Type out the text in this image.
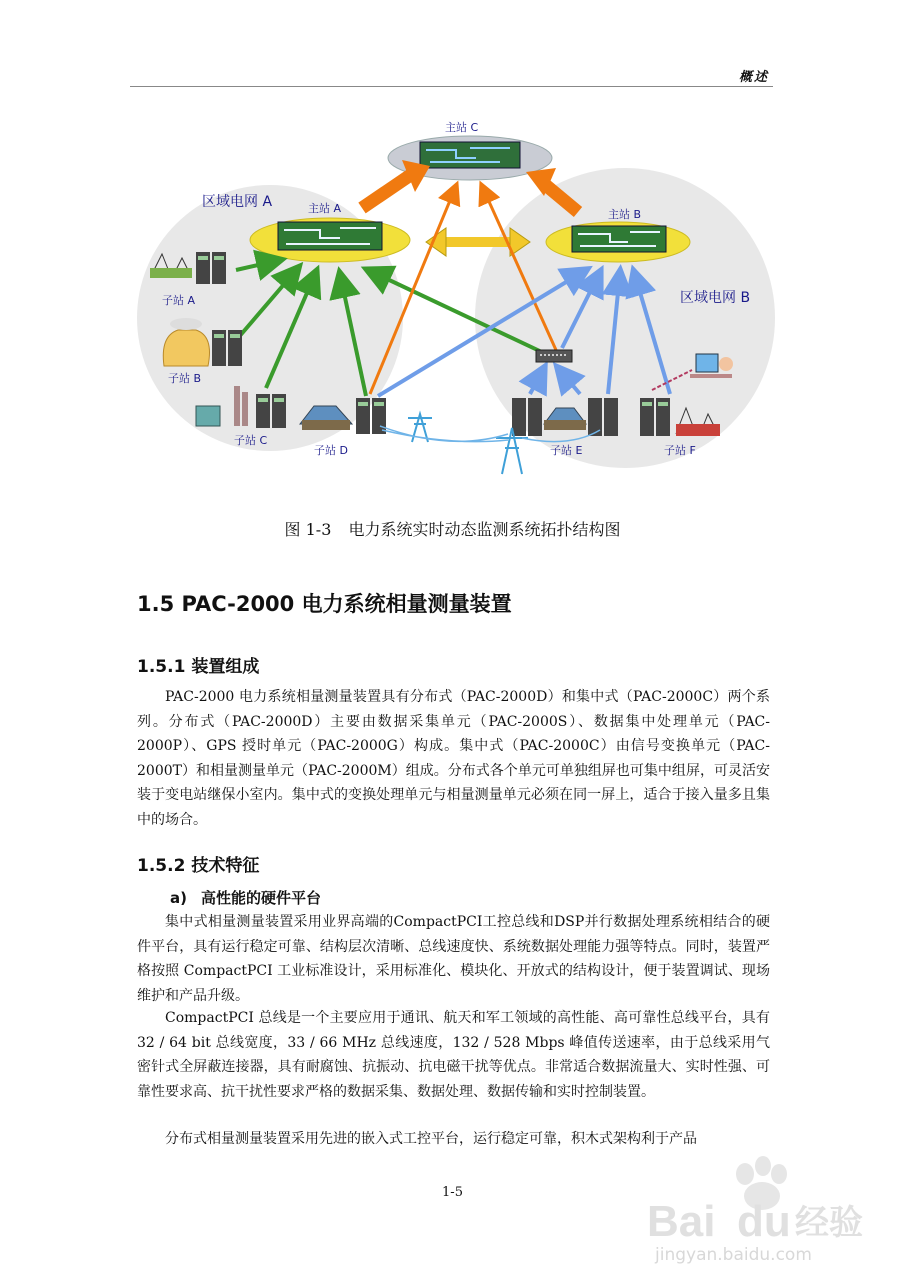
概述
主站 C
主站 A	主站 B
区域电网 A
区域电网 B
子站 A
子站 B
子站 C
子站 D	子站 E	子站 F
图 1-3 电力系统实时动态监测系统拓扑结构图
1.5 PAC-2000 电力系统相量测量装置
1.5.1 装置组成

PAC-2000 电力系统相量测量装置具有分布式（PAC-2000D）和集中式（PAC-2000C）两个系列。分布式（PAC-2000D）主要由数据采集单元（PAC-2000S）、数据集中处理单元（PAC-2000P）、GPS 授时单元（PAC-2000G）构成。集中式（PAC-2000C）由信号变换单元（PAC-2000T）和相量测量单元（PAC-2000M）组成。分布式各个单元可单独组屏也可集中组屏，可灵活安装于变电站继保小室内。集中式的变换处理单元与相量测量单元必须在同一屏上，适合于接入量多且集中的场合。

1.5.2 技术特征
a) 高性能的硬件平台

集中式相量测量装置采用业界高端的CompactPCI工控总线和DSP并行数据处理系统相结合的硬件平台，具有运行稳定可靠、结构层次清晰、总线速度快、系统数据处理能力强等特点。同时，装置严格按照 CompactPCI 工业标准设计，采用标准化、模块化、开放式的结构设计，便于装置调试、现场维护和产品升级。

CompactPCI 总线是一个主要应用于通讯、航天和军工领域的高性能、高可靠性总线平台，具有 32 / 64 bit 总线宽度，33 / 66 MHz 总线速度，132 / 528 Mbps 峰值传送速率，由于总线采用气密针式全屏蔽连接器，具有耐腐蚀、抗振动、抗电磁干扰等优点。非常适合数据流量大、实时性强、可靠性要求高、抗干扰性要求严格的数据采集、数据处理、数据传输和实时控制装置。

分布式相量测量装置采用先进的嵌入式工控平台，运行稳定可靠，积木式架构利于产品

1-5
Bai du 经验
jingyan.baidu.com
